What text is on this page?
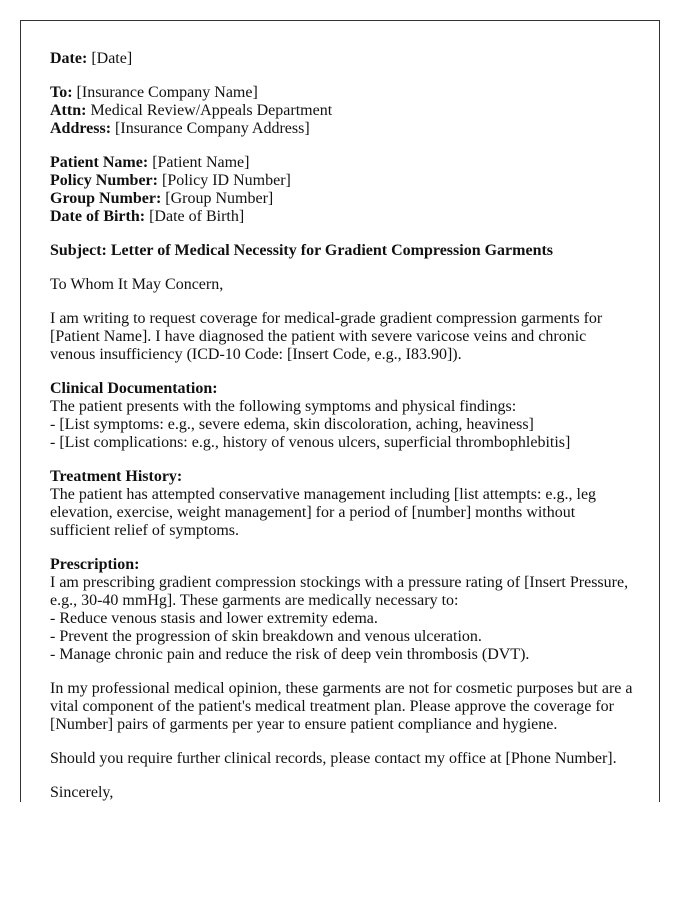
Date: [Date]

To: [Insurance Company Name]
Attn: Medical Review/Appeals Department
Address: [Insurance Company Address]

Patient Name: [Patient Name]
Policy Number: [Policy ID Number]
Group Number: [Group Number]
Date of Birth: [Date of Birth]

Subject: Letter of Medical Necessity for Gradient Compression Garments

To Whom It May Concern,

I am writing to request coverage for medical-grade gradient compression garments for
[Patient Name]. I have diagnosed the patient with severe varicose veins and chronic
venous insufficiency (ICD-10 Code: [Insert Code, e.g., I83.90]).

Clinical Documentation:
The patient presents with the following symptoms and physical findings:
- [List symptoms: e.g., severe edema, skin discoloration, aching, heaviness]
- [List complications: e.g., history of venous ulcers, superficial thrombophlebitis]

Treatment History:
The patient has attempted conservative management including [list attempts: e.g., leg
elevation, exercise, weight management] for a period of [number] months without
sufficient relief of symptoms.

Prescription:
I am prescribing gradient compression stockings with a pressure rating of [Insert Pressure,
e.g., 30-40 mmHg]. These garments are medically necessary to:
- Reduce venous stasis and lower extremity edema.
- Prevent the progression of skin breakdown and venous ulceration.
- Manage chronic pain and reduce the risk of deep vein thrombosis (DVT).

In my professional medical opinion, these garments are not for cosmetic purposes but are a
vital component of the patient's medical treatment plan. Please approve the coverage for
[Number] pairs of garments per year to ensure patient compliance and hygiene.

Should you require further clinical records, please contact my office at [Phone Number].

Sincerely,
